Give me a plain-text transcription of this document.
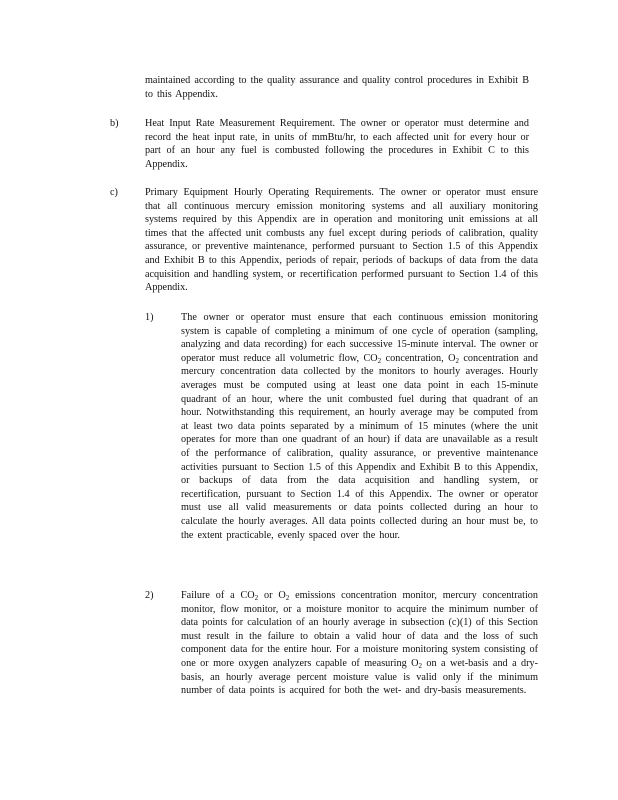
maintained according to the quality assurance and quality control procedures in Exhibit B to this Appendix.
b)	Heat Input Rate Measurement Requirement. The owner or operator must determine and record the heat input rate, in units of mmBtu/hr, to each affected unit for every hour or part of an hour any fuel is combusted following the procedures in Exhibit C to this Appendix.
c)	Primary Equipment Hourly Operating Requirements. The owner or operator must ensure that all continuous mercury emission monitoring systems and all auxiliary monitoring systems required by this Appendix are in operation and monitoring unit emissions at all times that the affected unit combusts any fuel except during periods of calibration, quality assurance, or preventive maintenance, performed pursuant to Section 1.5 of this Appendix and Exhibit B to this Appendix, periods of repair, periods of backups of data from the data acquisition and handling system, or recertification performed pursuant to Section 1.4 of this Appendix.
1)	The owner or operator must ensure that each continuous emission monitoring system is capable of completing a minimum of one cycle of operation (sampling, analyzing and data recording) for each successive 15-minute interval. The owner or operator must reduce all volumetric flow, $CO_2$ concentration, $O_2$ concentration and mercury concentration data collected by the monitors to hourly averages. Hourly averages must be computed using at least one data point in each 15-minute quadrant of an hour, where the unit combusted fuel during that quadrant of an hour. Notwithstanding this requirement, an hourly average may be computed from at least two data points separated by a minimum of 15 minutes (where the unit operates for more than one quadrant of an hour) if data are unavailable as a result of the performance of calibration, quality assurance, or preventive maintenance activities pursuant to Section 1.5 of this Appendix and Exhibit B to this Appendix, or backups of data from the data acquisition and handling system, or recertification, pursuant to Section 1.4 of this Appendix. The owner or operator must use all valid measurements or data points collected during an hour to calculate the hourly averages. All data points collected during an hour must be, to the extent practicable, evenly spaced over the hour.
2)	Failure of a $CO_2$ or $O_2$ emissions concentration monitor, mercury concentration monitor, flow monitor, or a moisture monitor to acquire the minimum number of data points for calculation of an hourly average in subsection (c)(1) of this Section must result in the failure to obtain a valid hour of data and the loss of such component data for the entire hour. For a moisture monitoring system consisting of one or more oxygen analyzers capable of measuring $O_2$ on a wet-basis and a dry-basis, an hourly average percent moisture value is valid only if the minimum number of data points is acquired for both the wet- and dry-basis measurements.
